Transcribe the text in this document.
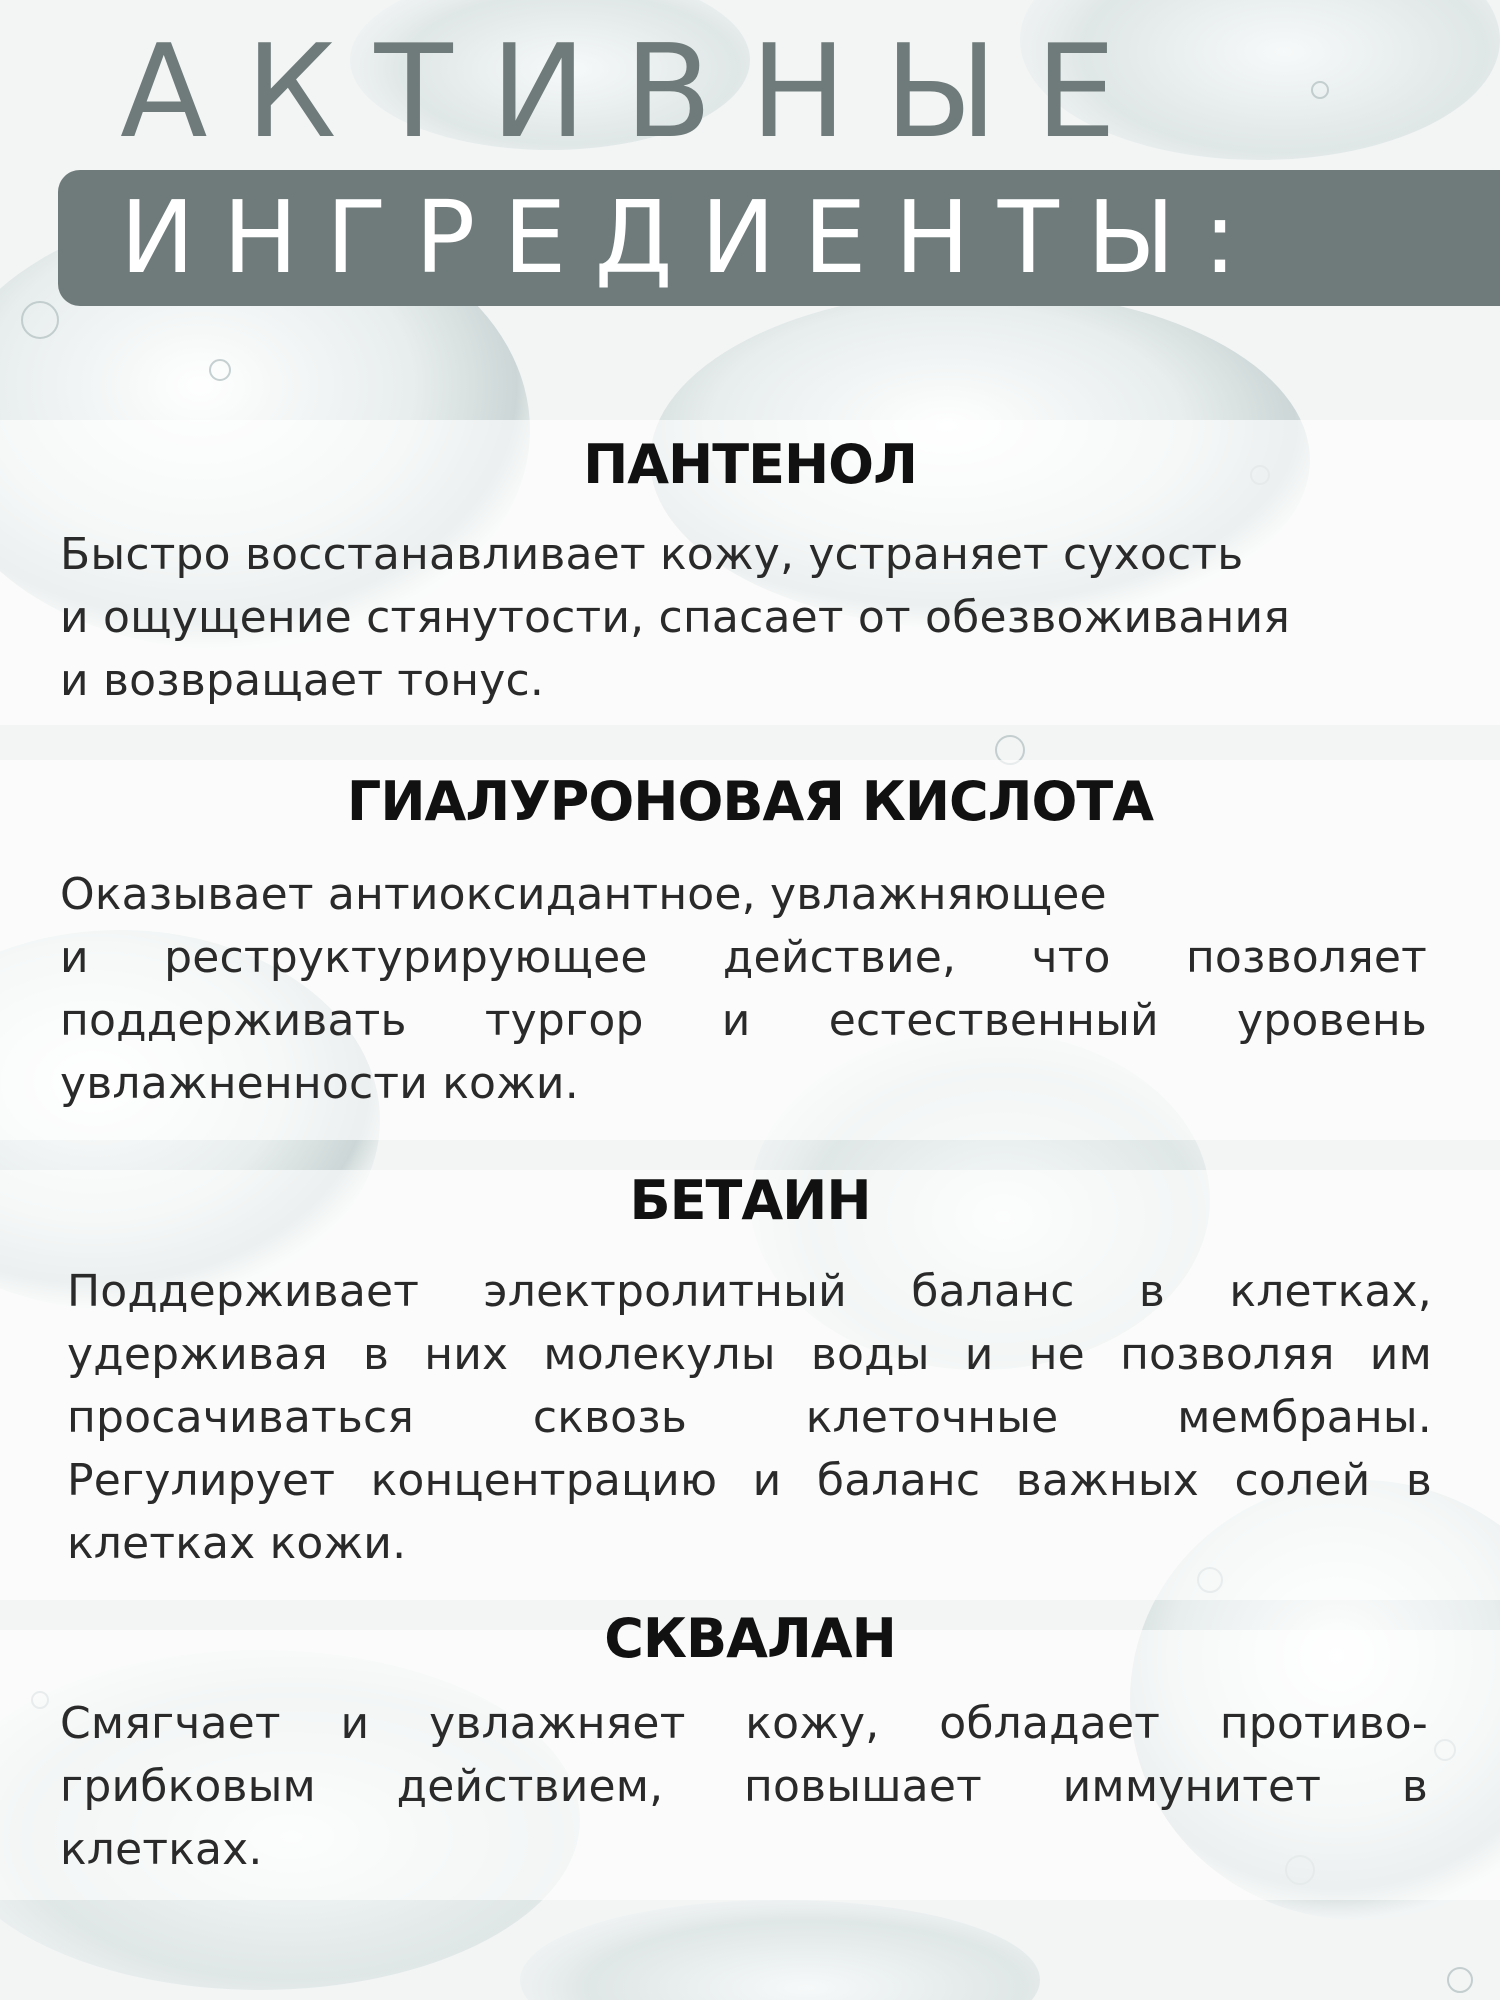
АКТИВНЫЕ
ИНГРЕДИЕНТЫ:
ПАНТЕНОЛ
Быстро восстанавливает кожу, устраняет сухость
и ощущение стянутости, спасает от обезвоживания
и возвращает тонус.
ГИАЛУРОНОВАЯ КИСЛОТА
Оказывает антиоксидантное, увлажняющее
и реструктурирующее действие, что позволяет
поддерживать тургор и естественный уровень
увлажненности кожи.
БЕТАИН
Поддерживает электролитный баланс в клетках,
удерживая в них молекулы воды и не позволяя им
просачиваться сквозь клеточные мембраны.
Регулирует концентрацию и баланс важных солей в
клетках кожи.
СКВАЛАН
Смягчает и увлажняет кожу, обладает противо-
грибковым действием, повышает иммунитет в
клетках.
